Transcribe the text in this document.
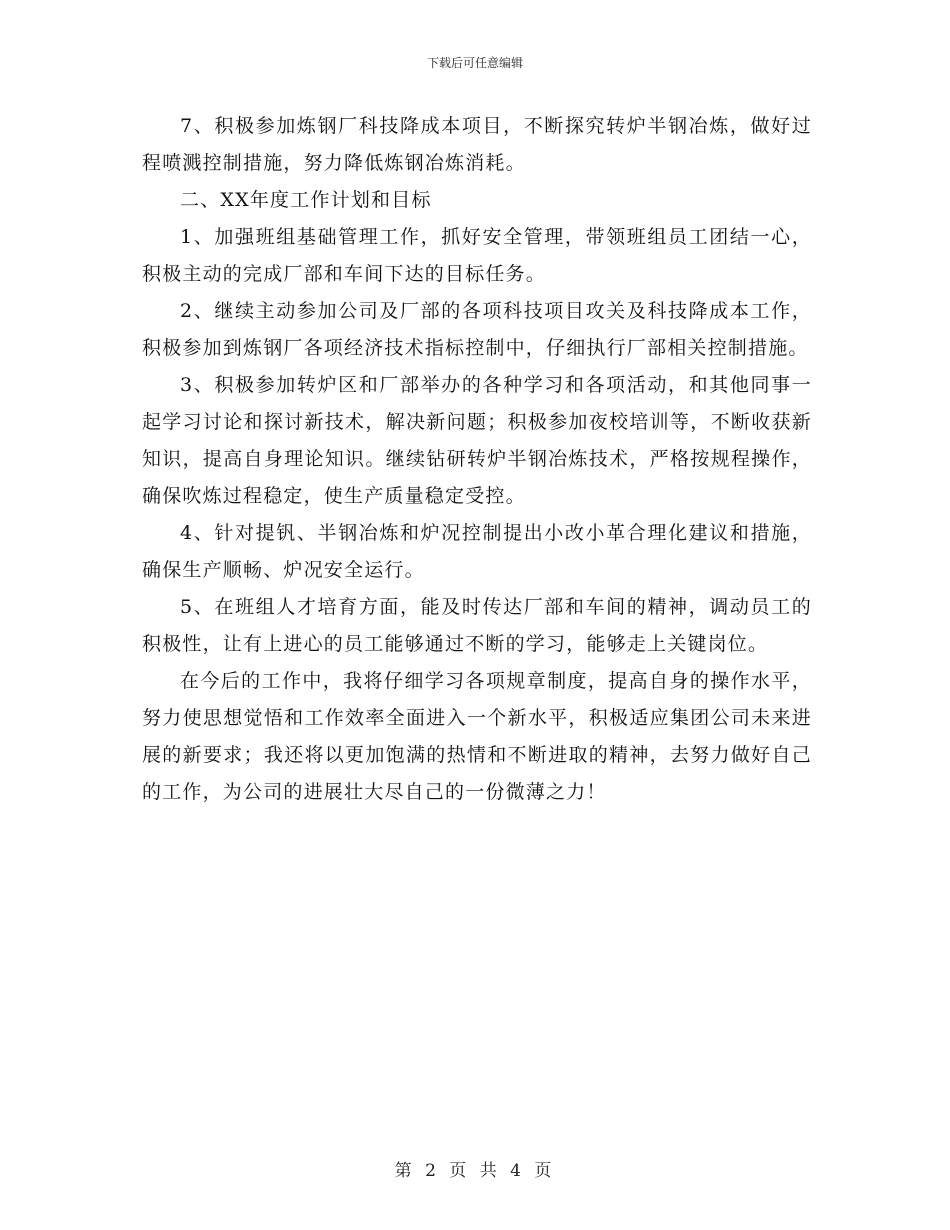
下载后可任意编辑

7、积极参加炼钢厂科技降成本项目，不断探究转炉半钢冶炼，做好过程喷溅控制措施，努力降低炼钢冶炼消耗。

二、XX年度工作计划和目标

1、加强班组基础管理工作，抓好安全管理，带领班组员工团结一心，积极主动的完成厂部和车间下达的目标任务。

2、继续主动参加公司及厂部的各项科技项目攻关及科技降成本工作，积极参加到炼钢厂各项经济技术指标控制中，仔细执行厂部相关控制措施。

3、积极参加转炉区和厂部举办的各种学习和各项活动，和其他同事一起学习讨论和探讨新技术，解决新问题；积极参加夜校培训等，不断收获新知识，提高自身理论知识。继续钻研转炉半钢冶炼技术，严格按规程操作，确保吹炼过程稳定，使生产质量稳定受控。

4、针对提钒、半钢冶炼和炉况控制提出小改小革合理化建议和措施，确保生产顺畅、炉况安全运行。

5、在班组人才培育方面，能及时传达厂部和车间的精神，调动员工的积极性，让有上进心的员工能够通过不断的学习，能够走上关键岗位。

在今后的工作中，我将仔细学习各项规章制度，提高自身的操作水平，努力使思想觉悟和工作效率全面进入一个新水平，积极适应集团公司未来进展的新要求；我还将以更加饱满的热情和不断进取的精神，去努力做好自己的工作，为公司的进展壮大尽自己的一份微薄之力！

第 2 页 共 4 页
